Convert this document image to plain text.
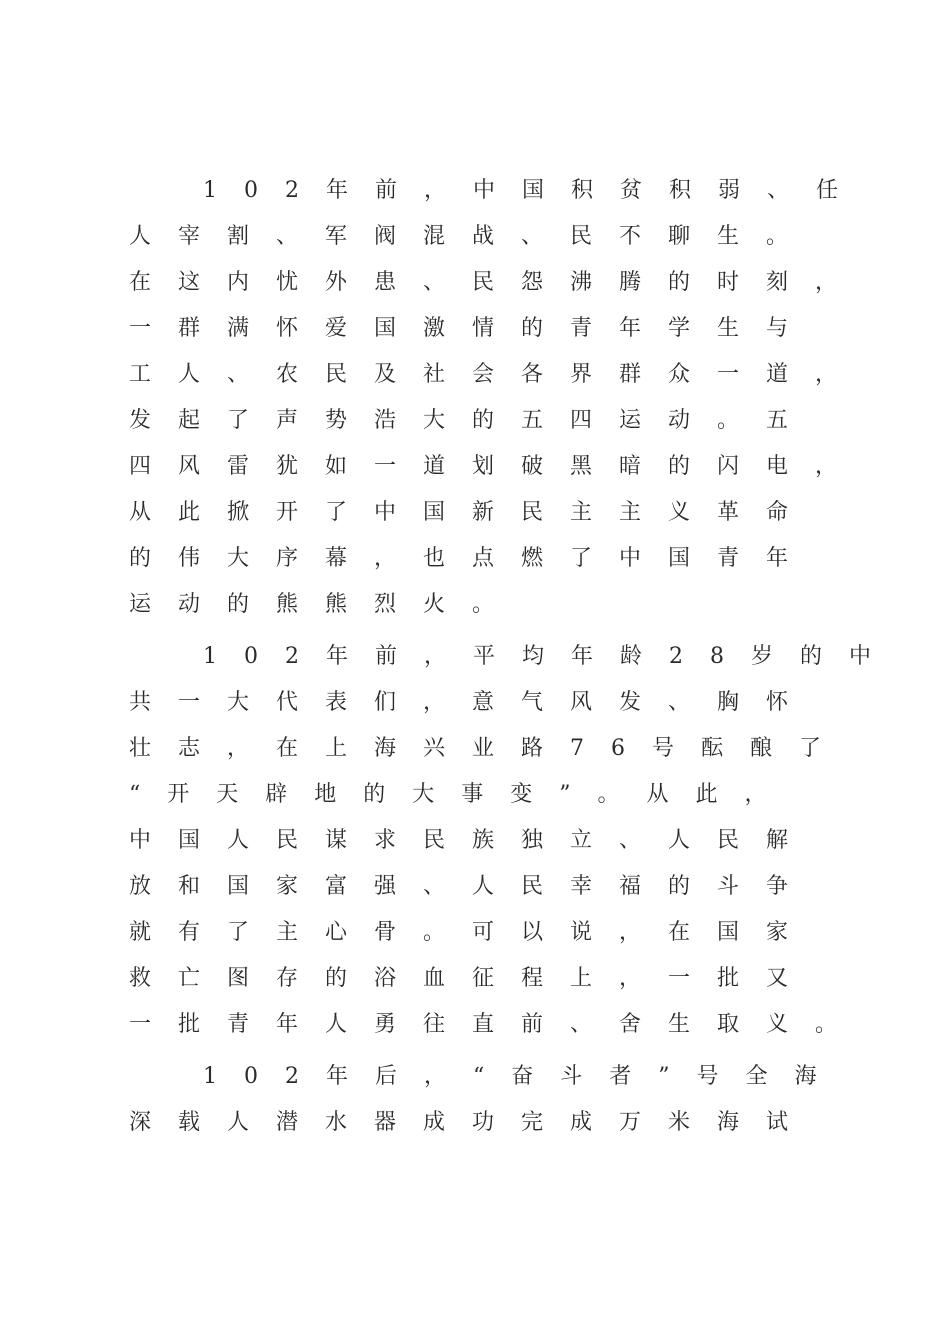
102年前，中国积贫积弱、任
人宰割、军阀混战、民不聊生。
在这内忧外患、民怨沸腾的时刻，
一群满怀爱国激情的青年学生与
工人、农民及社会各界群众一道，
发起了声势浩大的五四运动。五
四风雷犹如一道划破黑暗的闪电，
从此掀开了中国新民主主义革命
的伟大序幕，也点燃了中国青年
运动的熊熊烈火。
102年前，平均年龄28岁的中
共一大代表们，意气风发、胸怀
壮志，在上海兴业路76号酝酿了
“开天辟地的大事变”。从此，
中国人民谋求民族独立、人民解
放和国家富强、人民幸福的斗争
就有了主心骨。可以说，在国家
救亡图存的浴血征程上，一批又
一批青年人勇往直前、舍生取义。
102年后，“奋斗者”号全海
深载人潜水器成功完成万米海试
